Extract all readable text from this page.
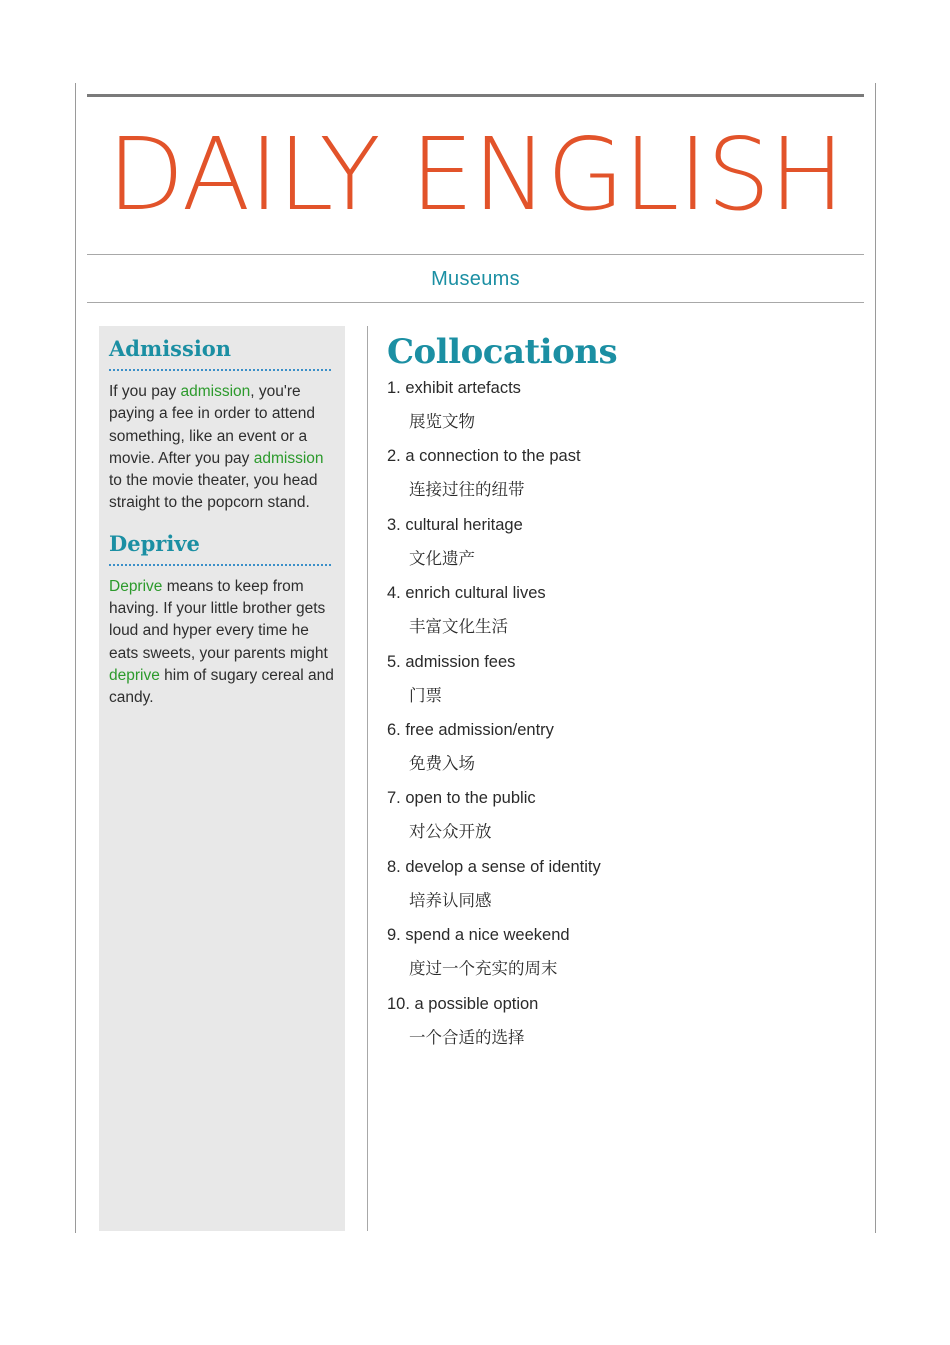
DAILY ENGLISH
Museums
Admission

If you pay admission, you're paying a fee in order to attend something, like an event or a movie. After you pay admission to the movie theater, you head straight to the popcorn stand.

Deprive

Deprive means to keep from having. If your little brother gets loud and hyper every time he eats sweets, your parents might deprive him of sugary cereal and candy.

Collocations
1. exhibit artefacts
展览文物
2. a connection to the past
连接过往的纽带
3. cultural heritage
文化遗产
4. enrich cultural lives
丰富文化生活
5. admission fees
门票
6. free admission/entry
免费入场
7. open to the public
对公众开放
8. develop a sense of identity
培养认同感
9. spend a nice weekend
度过一个充实的周末
10. a possible option
一个合适的选择
